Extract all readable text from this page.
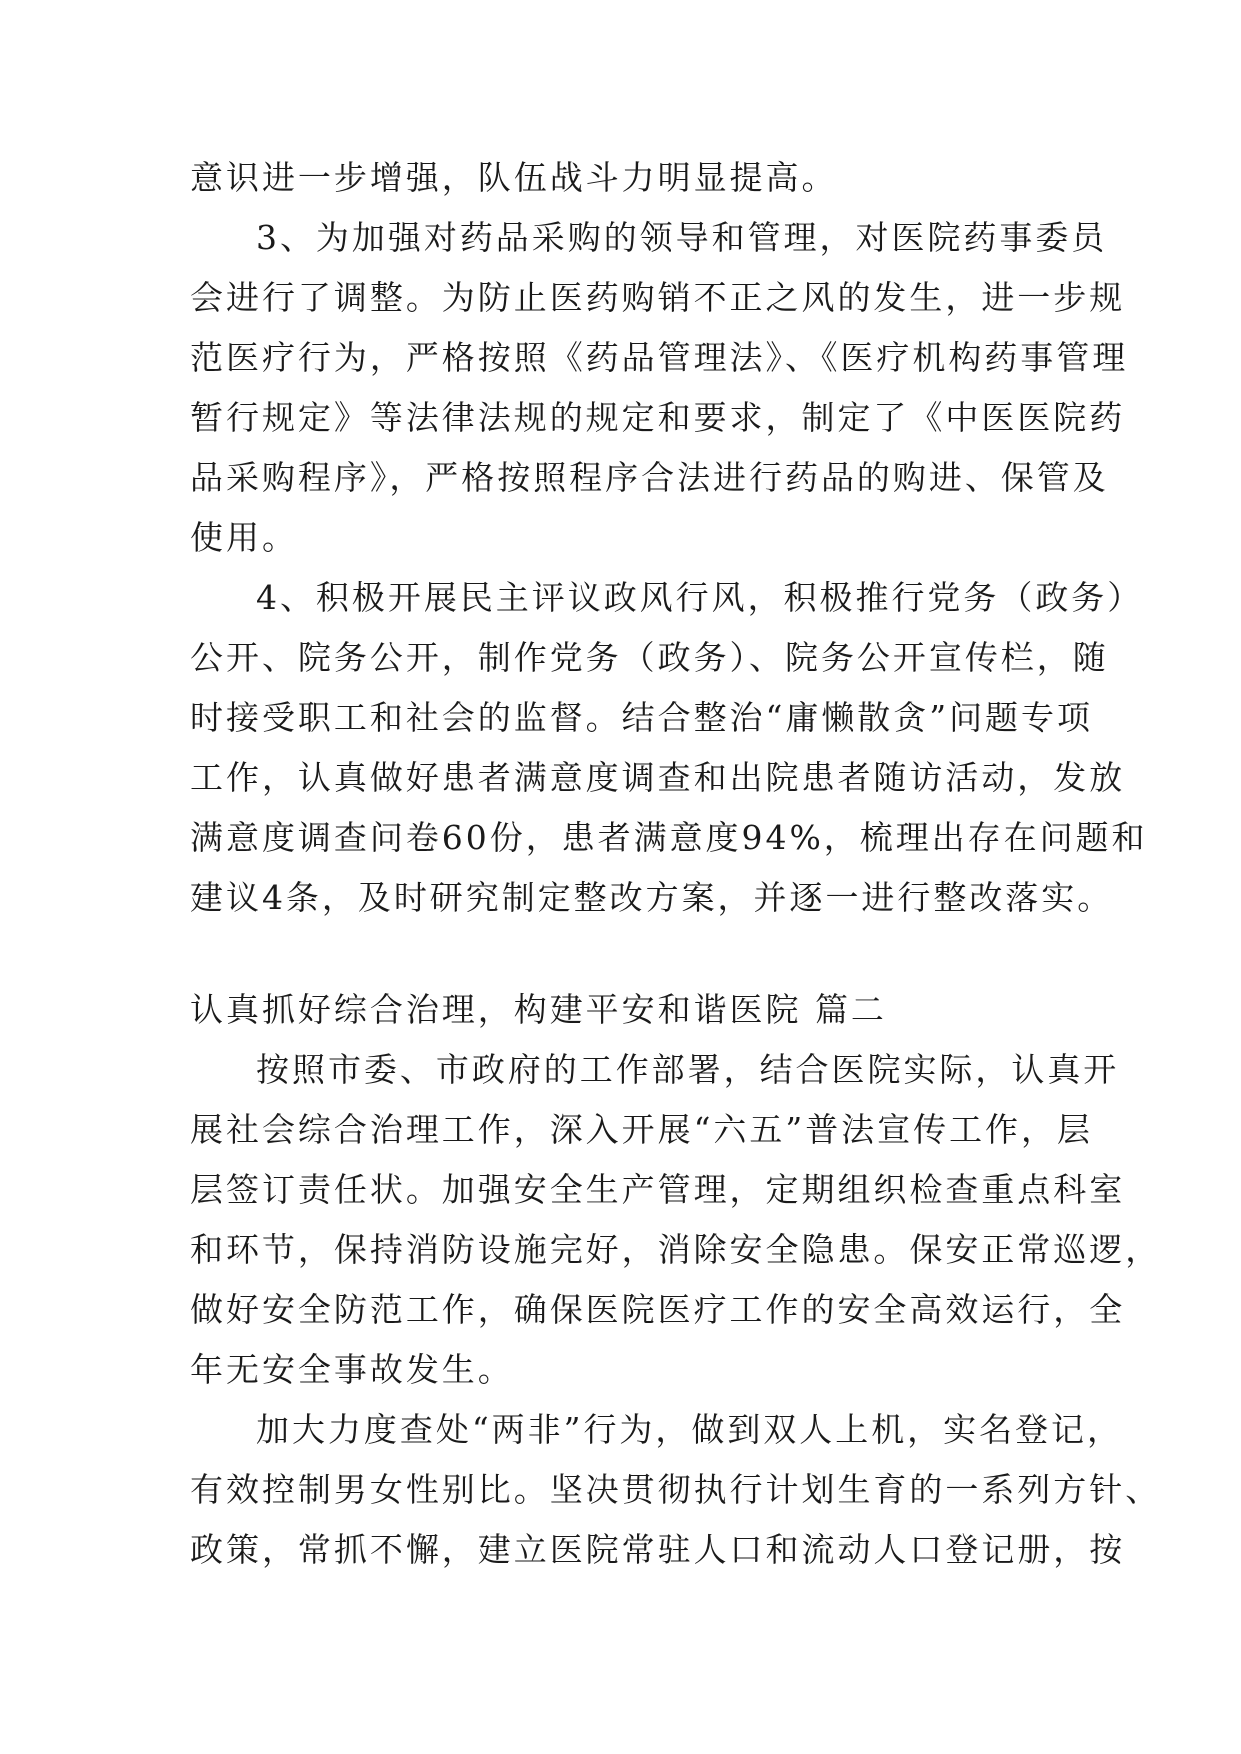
意识进一步增强，队伍战斗力明显提高。
3、为加强对药品采购的领导和管理，对医院药事委员
会进行了调整。为防止医药购销不正之风的发生，进一步规
范医疗行为，严格按照《药品管理法》、《医疗机构药事管理
暂行规定》等法律法规的规定和要求，制定了《中医医院药
品采购程序》，严格按照程序合法进行药品的购进、保管及
使用。
4、积极开展民主评议政风行风，积极推行党务（政务）
公开、院务公开，制作党务（政务）、院务公开宣传栏，随
时接受职工和社会的监督。结合整治“庸懒散贪”问题专项
工作，认真做好患者满意度调查和出院患者随访活动，发放
满意度调查问卷60份，患者满意度94%，梳理出存在问题和
建议4条，及时研究制定整改方案，并逐一进行整改落实。
认真抓好综合治理，构建平安和谐医院 篇二
按照市委、市政府的工作部署，结合医院实际，认真开
展社会综合治理工作，深入开展“六五”普法宣传工作，层
层签订责任状。加强安全生产管理，定期组织检查重点科室
和环节，保持消防设施完好，消除安全隐患。保安正常巡逻，
做好安全防范工作，确保医院医疗工作的安全高效运行，全
年无安全事故发生。
加大力度查处“两非”行为，做到双人上机，实名登记，
有效控制男女性别比。坚决贯彻执行计划生育的一系列方针、
政策，常抓不懈，建立医院常驻人口和流动人口登记册，按
